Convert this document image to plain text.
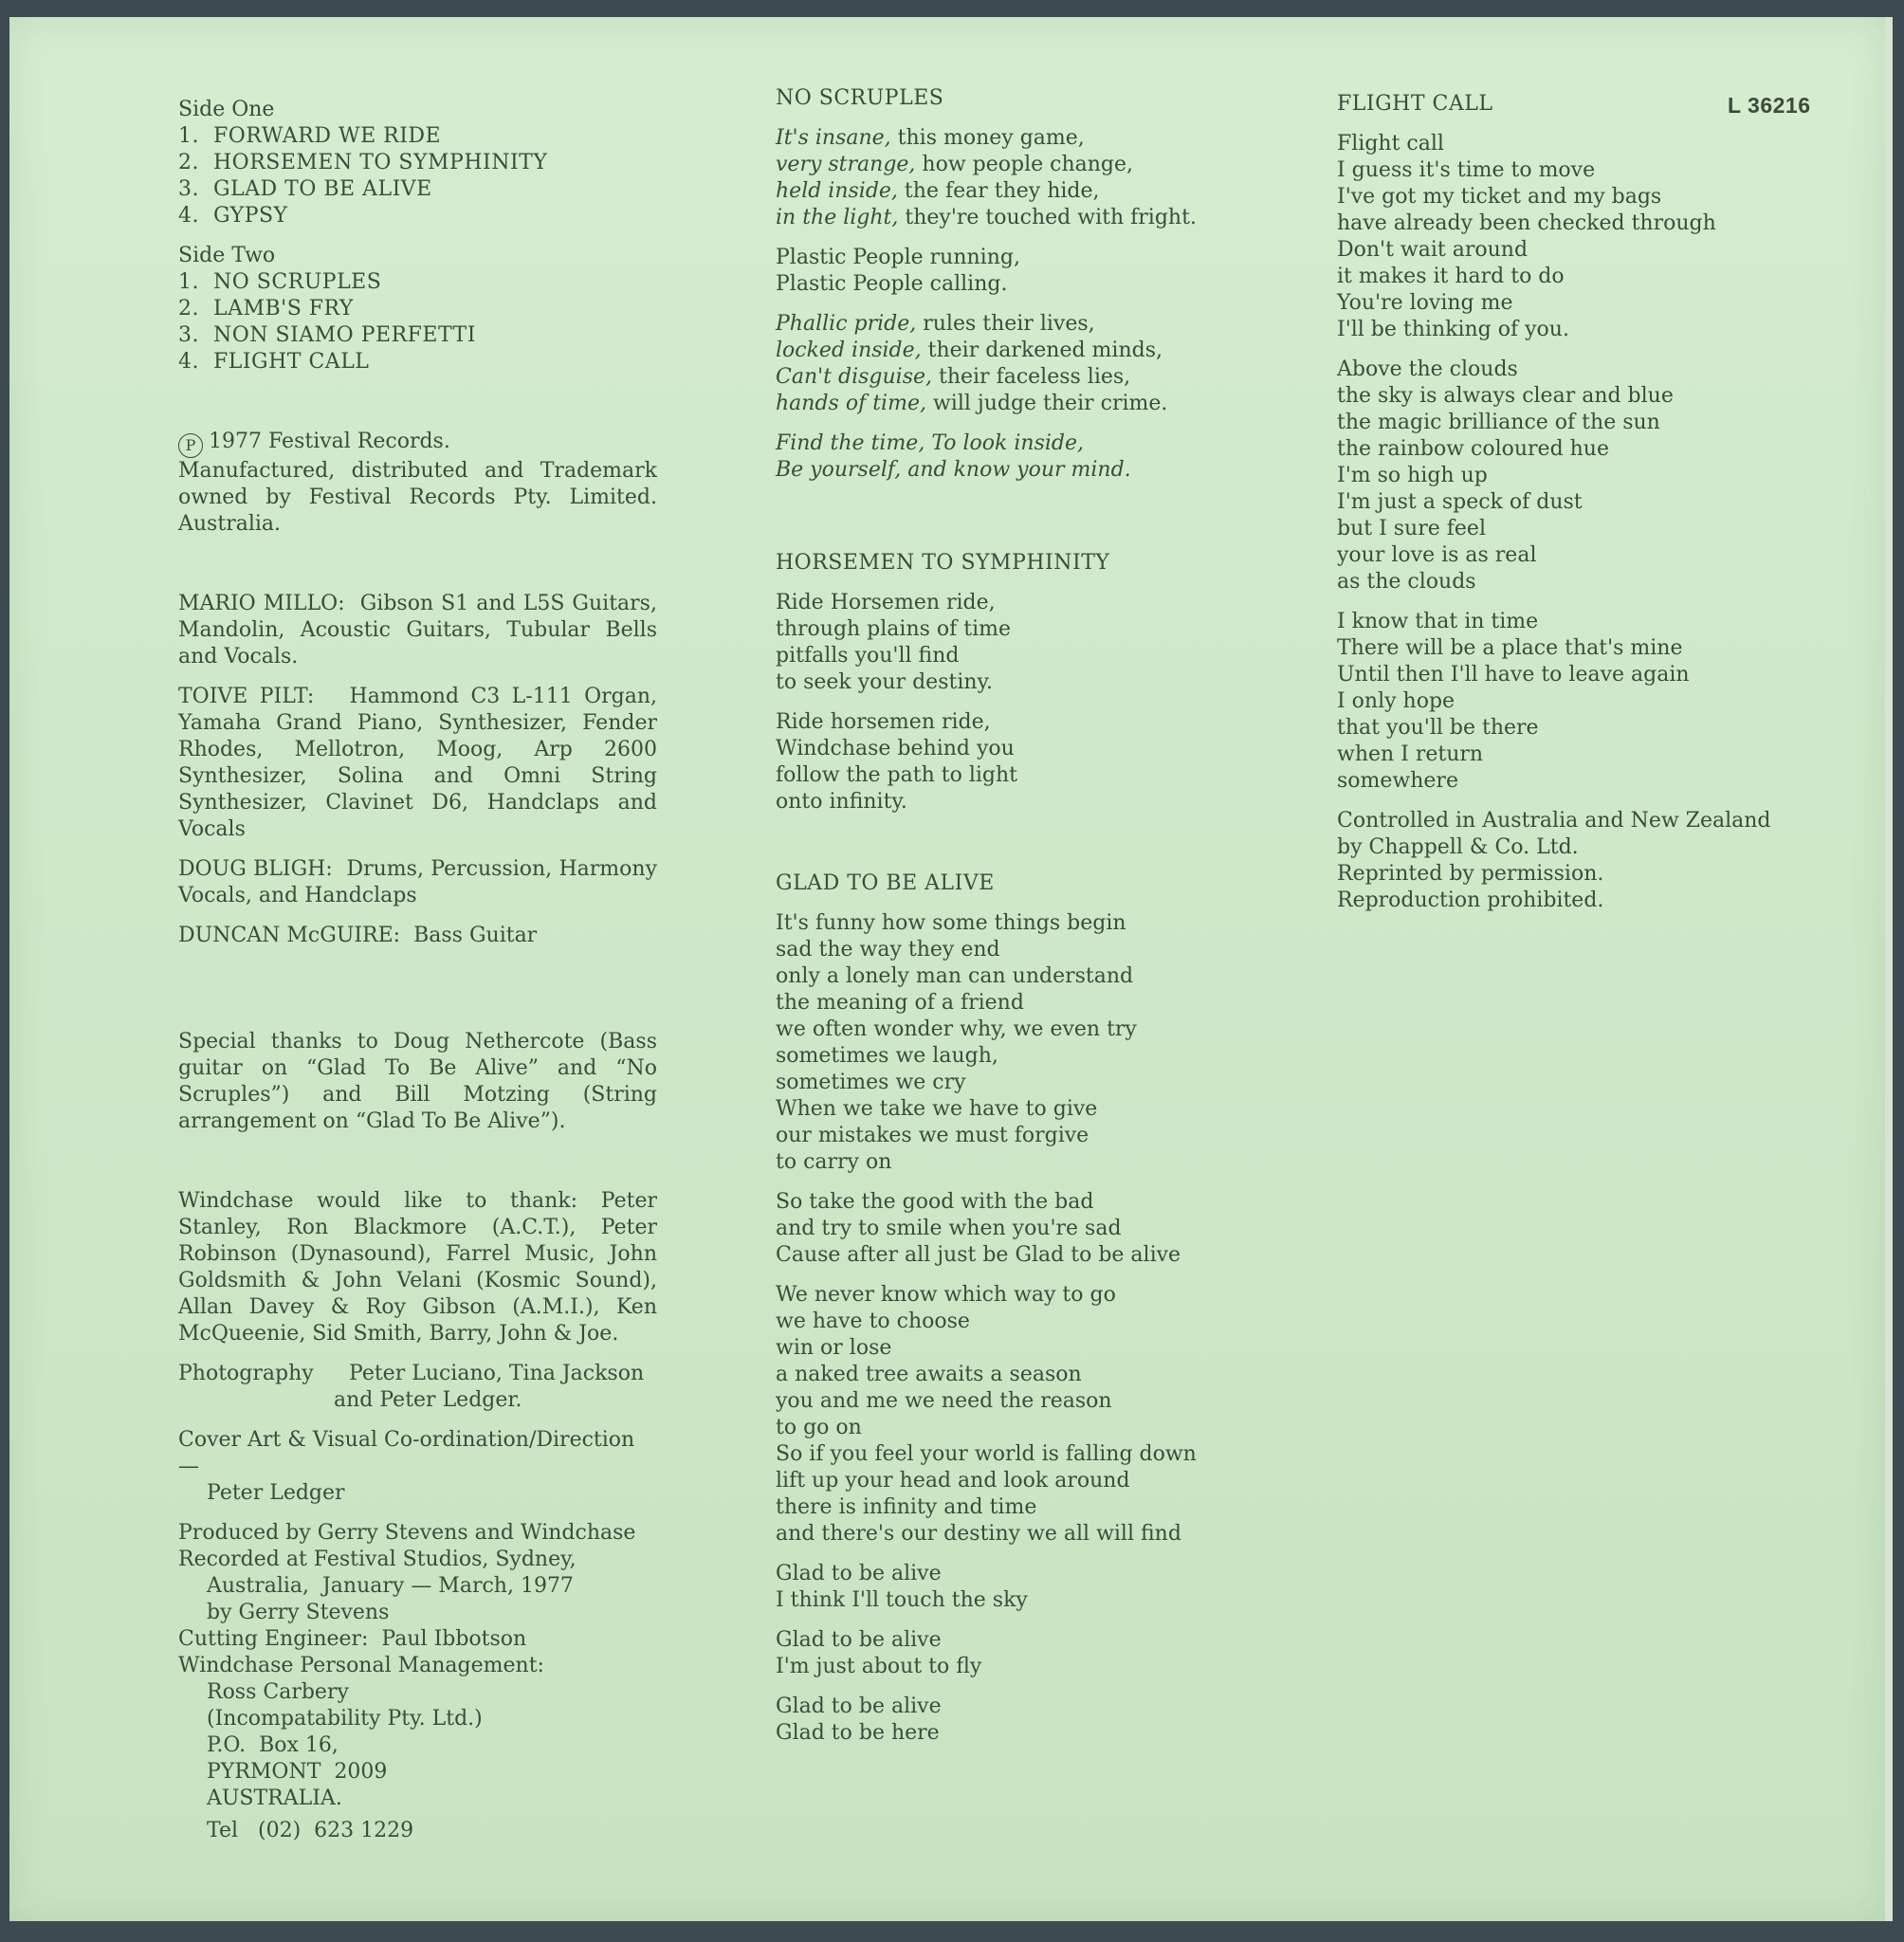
L 36216
Side One
1.  FORWARD WE RIDE
2.  HORSEMEN TO SYMPHINITY
3.  GLAD TO BE ALIVE
4.  GYPSY
Side Two
1.  NO SCRUPLES
2.  LAMB'S FRY
3.  NON SIAMO PERFETTI
4.  FLIGHT CALL
P 1977 Festival Records.
Manufactured, distributed and Trademark owned by Festival Records Pty. Limited. Australia.
MARIO MILLO: Gibson S1 and L5S Guitars, Mandolin, Acoustic Guitars, Tubular Bells and Vocals.
TOIVE PILT: Hammond C3 L-111 Organ, Yamaha Grand Piano, Synthesizer, Fender Rhodes, Mellotron, Moog, Arp 2600 Synthesizer, Solina and Omni String Synthesizer, Clavinet D6, Handclaps and Vocals
DOUG BLIGH: Drums, Percussion, Harmony Vocals, and Handclaps
DUNCAN McGUIRE: Bass Guitar
Special thanks to Doug Nethercote (Bass guitar on “Glad To Be Alive” and “No Scruples”) and Bill Motzing (String arrangement on “Glad To Be Alive”).
Windchase would like to thank: Peter Stanley, Ron Blackmore (A.C.T.), Peter Robinson (Dynasound), Farrel Music, John Goldsmith & John Velani (Kosmic Sound), Allan Davey & Roy Gibson (A.M.I.), Ken McQueenie, Sid Smith, Barry, John & Joe.
Photography	Peter Luciano, Tina Jackson
and Peter Ledger.
Cover Art & Visual Co-ordination/Direction —
Peter Ledger
Produced by Gerry Stevens and Windchase
Recorded at Festival Studios, Sydney,
Australia,  January — March, 1977
by Gerry Stevens
Cutting Engineer:  Paul Ibbotson
Windchase Personal Management:
Ross Carbery
(Incompatability Pty. Ltd.)
P.O.  Box 16,
PYRMONT  2009
AUSTRALIA.
Tel   (02)  623 1229
NO SCRUPLES
It's insane, this money game,
very strange, how people change,
held inside, the fear they hide,
in the light, they're touched with fright.
Plastic People running,
Plastic People calling.
Phallic pride, rules their lives,
locked inside, their darkened minds,
Can't disguise, their faceless lies,
hands of time, will judge their crime.
Find the time, To look inside,
Be yourself, and know your mind.
HORSEMEN TO SYMPHINITY
Ride Horsemen ride,
through plains of time
pitfalls you'll find
to seek your destiny.
Ride horsemen ride,
Windchase behind you
follow the path to light
onto infinity.
GLAD TO BE ALIVE
It's funny how some things begin
sad the way they end
only a lonely man can understand
the meaning of a friend
we often wonder why, we even try
sometimes we laugh,
sometimes we cry
When we take we have to give
our mistakes we must forgive
to carry on
So take the good with the bad
and try to smile when you're sad
Cause after all just be Glad to be alive
We never know which way to go
we have to choose
win or lose
a naked tree awaits a season
you and me we need the reason
to go on
So if you feel your world is falling down
lift up your head and look around
there is infinity and time
and there's our destiny we all will find
Glad to be alive
I think I'll touch the sky
Glad to be alive
I'm just about to fly
Glad to be alive
Glad to be here
FLIGHT CALL
Flight call
I guess it's time to move
I've got my ticket and my bags
have already been checked through
Don't wait around
it makes it hard to do
You're loving me
I'll be thinking of you.
Above the clouds
the sky is always clear and blue
the magic brilliance of the sun
the rainbow coloured hue
I'm so high up
I'm just a speck of dust
but I sure feel
your love is as real
as the clouds
I know that in time
There will be a place that's mine
Until then I'll have to leave again
I only hope
that you'll be there
when I return
somewhere
Controlled in Australia and New Zealand
by Chappell & Co. Ltd.
Reprinted by permission.
Reproduction prohibited.
